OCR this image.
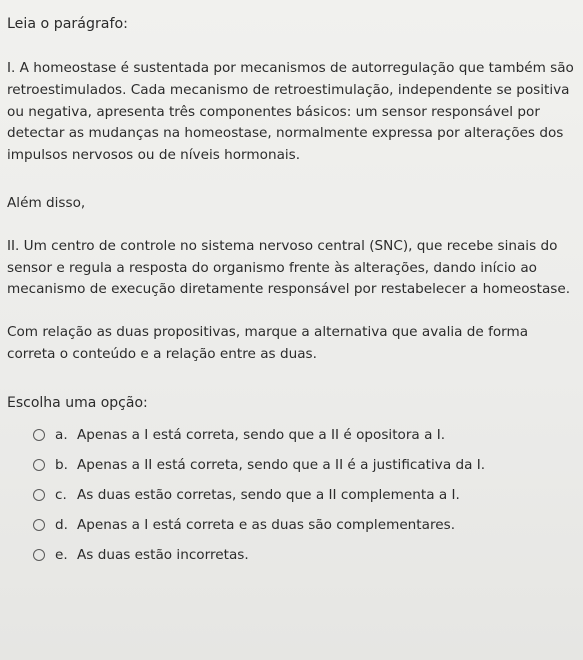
Leia o parágrafo:

I. A homeostase é sustentada por mecanismos de autorregulação que também são retroestimulados. Cada mecanismo de retroestimulação, independente se positiva ou negativa, apresenta três componentes básicos: um sensor responsável por detectar as mudanças na homeostase, normalmente expressa por alterações dos impulsos nervosos ou de níveis hormonais.

Além disso,

II. Um centro de controle no sistema nervoso central (SNC), que recebe sinais do sensor e regula a resposta do organismo frente às alterações, dando início ao mecanismo de execução diretamente responsável por restabelecer a homeostase.

Com relação as duas propositivas, marque a alternativa que avalia de forma correta o conteúdo e a relação entre as duas.

Escolha uma opção:
a. Apenas a I está correta, sendo que a II é opositora a I.
b. Apenas a II está correta, sendo que a II é a justificativa da I.
c. As duas estão corretas, sendo que a II complementa a I.
d. Apenas a I está correta e as duas são complementares.
e. As duas estão incorretas.
